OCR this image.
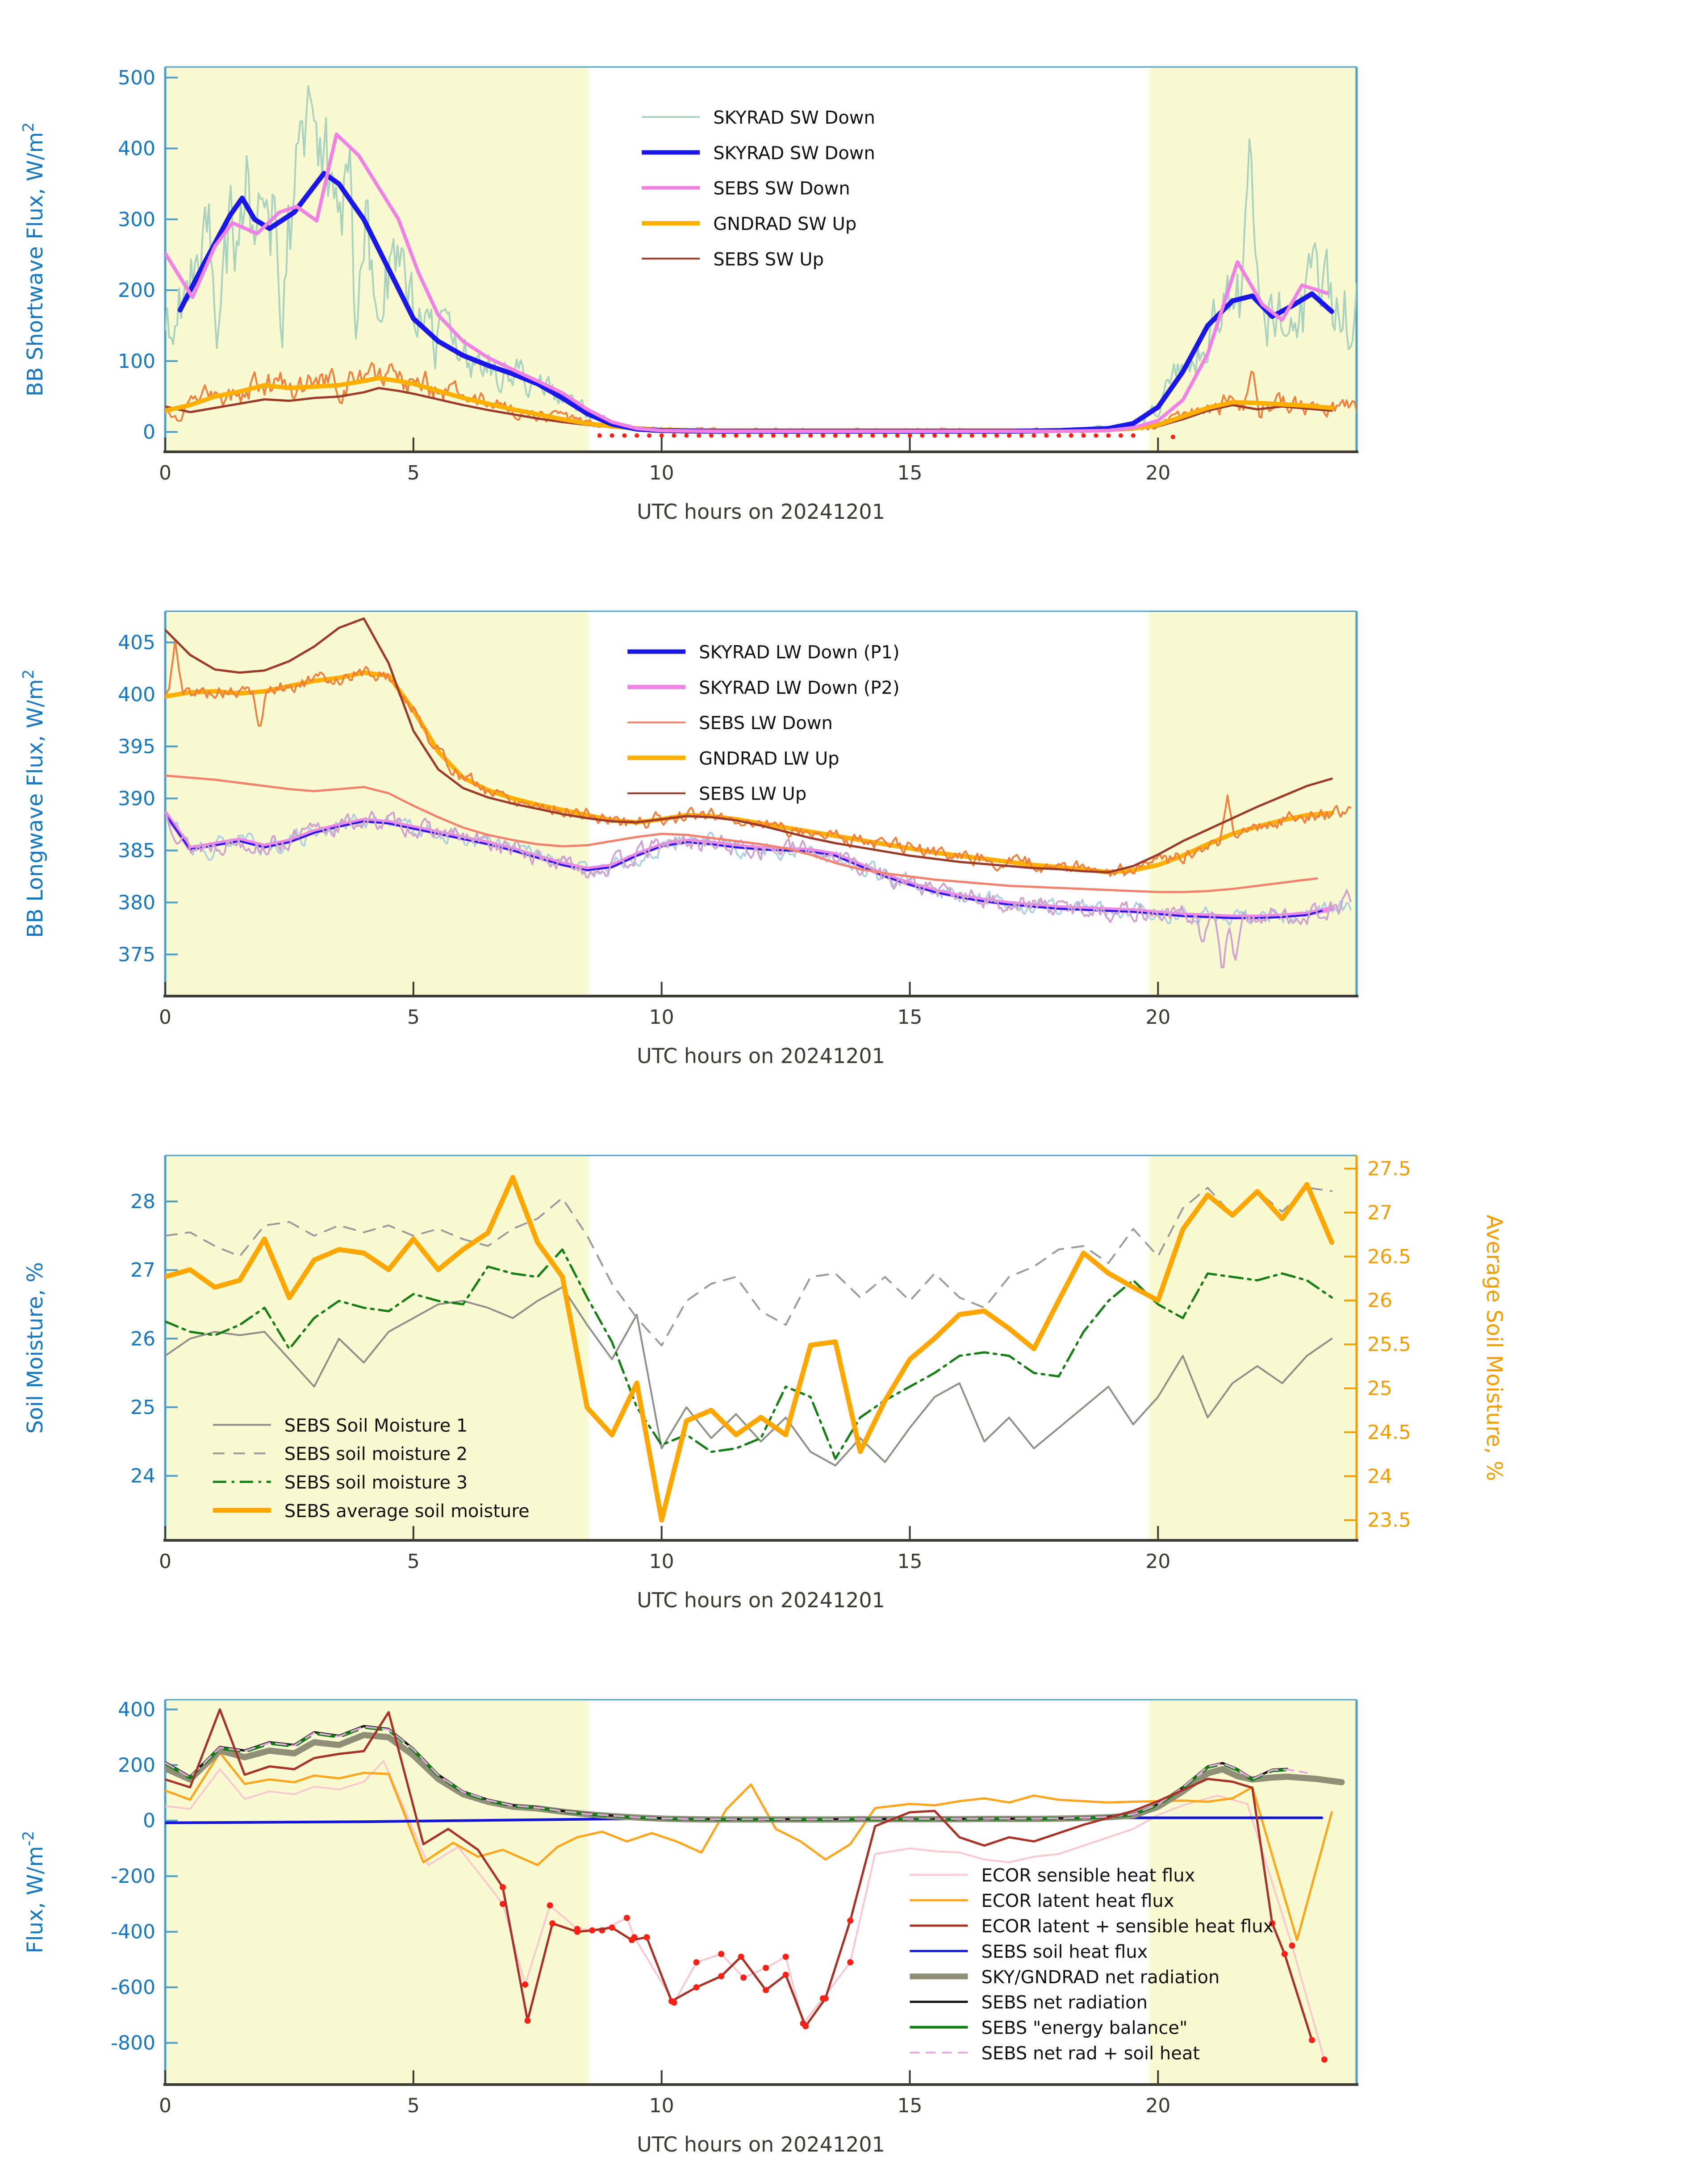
0
100
200
300
400
500
0	5	10	15	20
UTC hours on 20241201
BB Shortwave Flux, $W/m^2$	SKYRAD SW Down
SKYRAD SW Down
SEBS SW Down
GNDRAD SW Up
SEBS SW Up
375
380
385
390
395
400
405
0	5	10	15	20
UTC hours on 20241201
BB Longwave Flux, $W/m^2$
SKYRAD LW Down (P1)
SKYRAD LW Down (P2)
SEBS LW Down
GNDRAD LW Up
SEBS LW Up
24
25
26
27
28
23.5
24
24.5
25
25.5
26
26.5
27
27.5
0	5	10	15	20
UTC hours on 20241201
Soil Moisture, %	Average Soil Moisture, %
SEBS Soil Moisture 1
SEBS soil moisture 2
SEBS soil moisture 3
SEBS average soil moisture
-800
-600
-400
-200
0
200
400
0	5	10	15	20
UTC hours on 20241201
Flux, $W/m^{-2}$
ECOR sensible heat flux
ECOR latent heat flux
ECOR latent + sensible heat flux
SEBS soil heat flux
SKY/GNDRAD net radiation
SEBS net radiation
SEBS "energy balance"
SEBS net rad + soil heat
